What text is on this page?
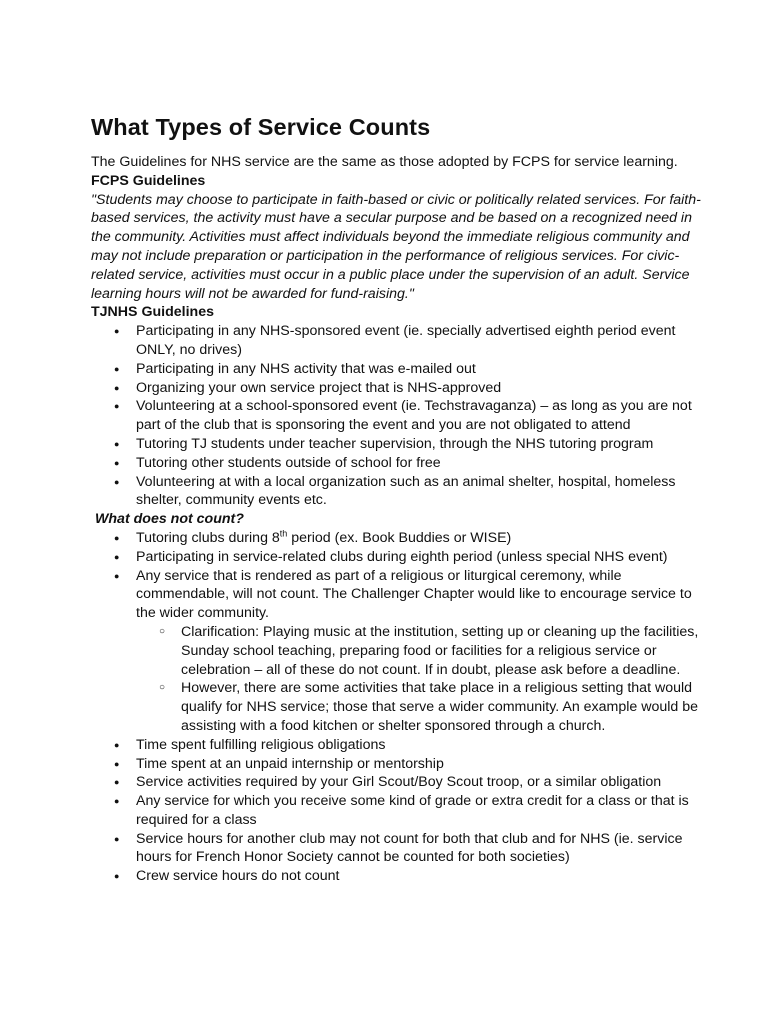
What Types of Service Counts

The Guidelines for NHS service are the same as those adopted by FCPS for service learning.

FCPS Guidelines

"Students may choose to participate in faith-based or civic or politically related services. For faith-based services, the activity must have a secular purpose and be based on a recognized need in the community. Activities must affect individuals beyond the immediate religious community and may not include preparation or participation in the performance of religious services. For civic-related service, activities must occur in a public place under the supervision of an adult. Service learning hours will not be awarded for fund-raising."

TJNHS Guidelines

● Participating in any NHS-sponsored event (ie. specially advertised eighth period event ONLY, no drives)
● Participating in any NHS activity that was e-mailed out
● Organizing your own service project that is NHS-approved
● Volunteering at a school-sponsored event (ie. Techstravaganza) – as long as you are not part of the club that is sponsoring the event and you are not obligated to attend
● Tutoring TJ students under teacher supervision, through the NHS tutoring program
● Tutoring other students outside of school for free
● Volunteering at with a local organization such as an animal shelter, hospital, homeless shelter, community events etc.

What does not count?

● Tutoring clubs during 8th period (ex. Book Buddies or WISE)
● Participating in service-related clubs during eighth period (unless special NHS event)
● Any service that is rendered as part of a religious or liturgical ceremony, while commendable, will not count. The Challenger Chapter would like to encourage service to the wider community.
○ Clarification: Playing music at the institution, setting up or cleaning up the facilities, Sunday school teaching, preparing food or facilities for a religious service or celebration – all of these do not count. If in doubt, please ask before a deadline.
○ However, there are some activities that take place in a religious setting that would qualify for NHS service; those that serve a wider community. An example would be assisting with a food kitchen or shelter sponsored through a church.
● Time spent fulfilling religious obligations
● Time spent at an unpaid internship or mentorship
● Service activities required by your Girl Scout/Boy Scout troop, or a similar obligation
● Any service for which you receive some kind of grade or extra credit for a class or that is required for a class
● Service hours for another club may not count for both that club and for NHS (ie. service hours for French Honor Society cannot be counted for both societies)
● Crew service hours do not count
